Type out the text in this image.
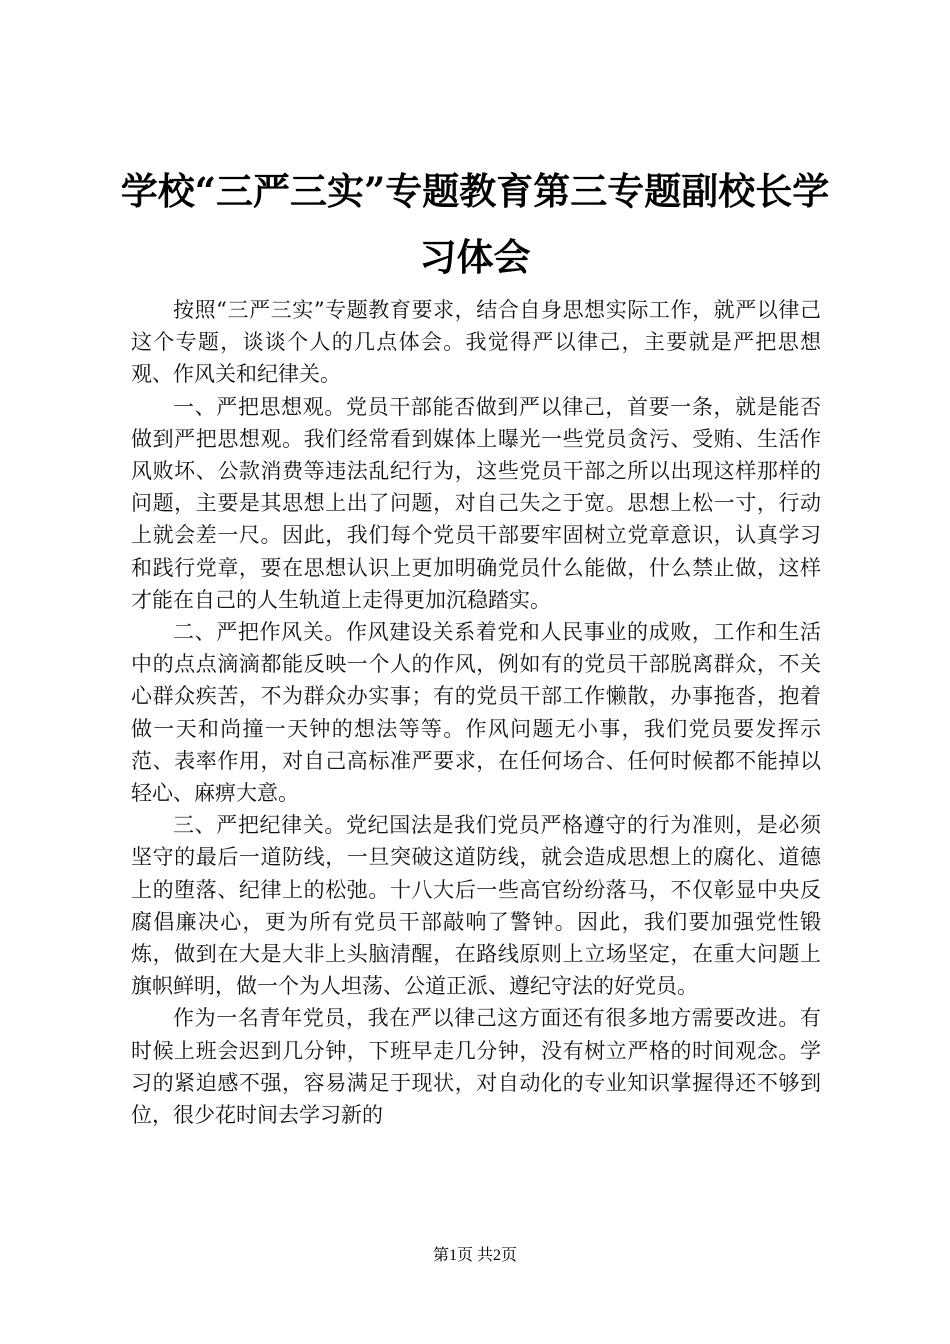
学校“三严三实”专题教育第三专题副校长学习体会

按照“三严三实”专题教育要求，结合自身思想实际工作，就严以律己这个专题，谈谈个人的几点体会。我觉得严以律己，主要就是严把思想观、作风关和纪律关。

一、严把思想观。党员干部能否做到严以律己，首要一条，就是能否做到严把思想观。我们经常看到媒体上曝光一些党员贪污、受贿、生活作风败坏、公款消费等违法乱纪行为，这些党员干部之所以出现这样那样的问题，主要是其思想上出了问题，对自己失之于宽。思想上松一寸，行动上就会差一尺。因此，我们每个党员干部要牢固树立党章意识，认真学习和践行党章，要在思想认识上更加明确党员什么能做，什么禁止做，这样才能在自己的人生轨道上走得更加沉稳踏实。

二、严把作风关。作风建设关系着党和人民事业的成败，工作和生活中的点点滴滴都能反映一个人的作风，例如有的党员干部脱离群众，不关心群众疾苦，不为群众办实事；有的党员干部工作懒散，办事拖沓，抱着做一天和尚撞一天钟的想法等等。作风问题无小事，我们党员要发挥示范、表率作用，对自己高标准严要求，在任何场合、任何时候都不能掉以轻心、麻痹大意。

三、严把纪律关。党纪国法是我们党员严格遵守的行为准则，是必须坚守的最后一道防线，一旦突破这道防线，就会造成思想上的腐化、道德上的堕落、纪律上的松弛。十八大后一些高官纷纷落马，不仅彰显中央反腐倡廉决心，更为所有党员干部敲响了警钟。因此，我们要加强党性锻炼，做到在大是大非上头脑清醒，在路线原则上立场坚定，在重大问题上旗帜鲜明，做一个为人坦荡、公道正派、遵纪守法的好党员。

作为一名青年党员，我在严以律己这方面还有很多地方需要改进。有时候上班会迟到几分钟，下班早走几分钟，没有树立严格的时间观念。学习的紧迫感不强，容易满足于现状，对自动化的专业知识掌握得还不够到位，很少花时间去学习新的

第1页 共2页
